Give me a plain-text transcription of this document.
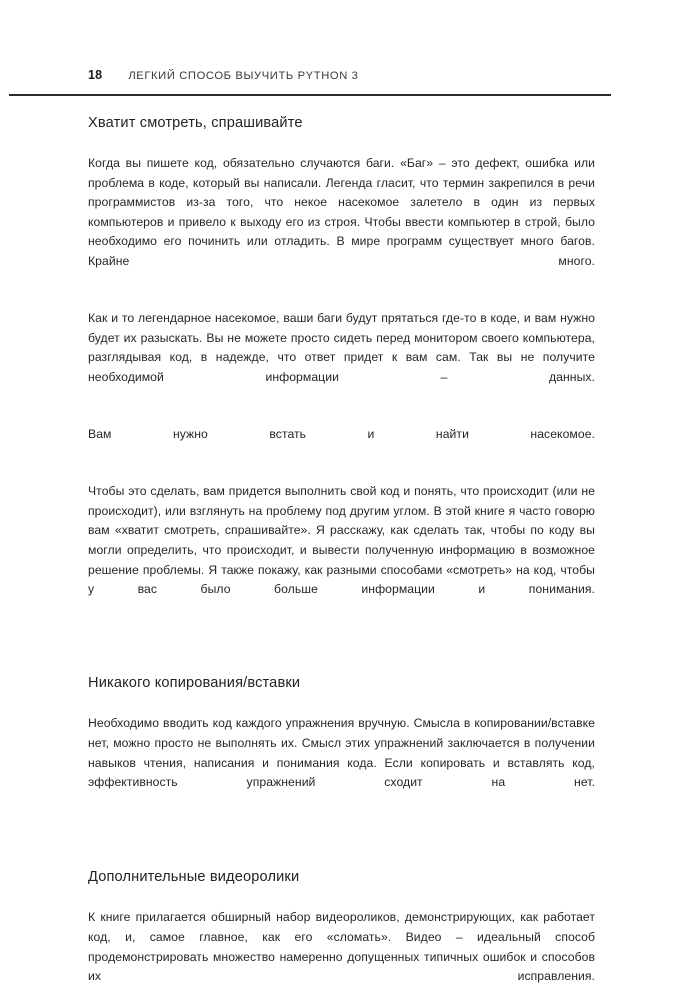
18 ЛЕГКИЙ СПОСОБ ВЫУЧИТЬ PYTHON 3
Хватит смотреть, спрашивайте

Когда вы пишете код, обязательно случаются баги. «Баг» – это дефект, ошибка или проблема в коде, который вы написали. Легенда гласит, что термин закрепился в речи программистов из-за того, что некое насекомое залетело в один из первых компьютеров и привело к выходу его из строя. Чтобы ввести компьютер в строй, было необходимо его починить или отладить. В мире программ существует много багов. Крайне много.

Как и то легендарное насекомое, ваши баги будут прятаться где-то в коде, и вам нужно будет их разыскать. Вы не можете просто сидеть перед монитором своего компьютера, разглядывая код, в надежде, что ответ придет к вам сам. Так вы не получите необходимой информации – данных.

Вам нужно встать и найти насекомое.

Чтобы это сделать, вам придется выполнить свой код и понять, что происходит (или не происходит), или взглянуть на проблему под другим углом. В этой книге я часто говорю вам «хватит смотреть, спрашивайте». Я расскажу, как сделать так, чтобы по коду вы могли определить, что происходит, и вывести полученную информацию в возможное решение проблемы. Я также покажу, как разными способами «смотреть» на код, чтобы у вас было больше информации и понимания.

Никакого копирования/вставки

Необходимо вводить код каждого упражнения вручную. Смысла в копировании/вставке нет, можно просто не выполнять их. Смысл этих упражнений заключается в получении навыков чтения, написания и понимания кода. Если копировать и вставлять код, эффективность упражнений сходит на нет.

Дополнительные видеоролики

К книге прилагается обширный набор видеороликов, демонстрирующих, как работает код, и, самое главное, как его «сломать». Видео – идеальный способ продемонстрировать множество намеренно допущенных типичных ошибок и способов их исправления.
